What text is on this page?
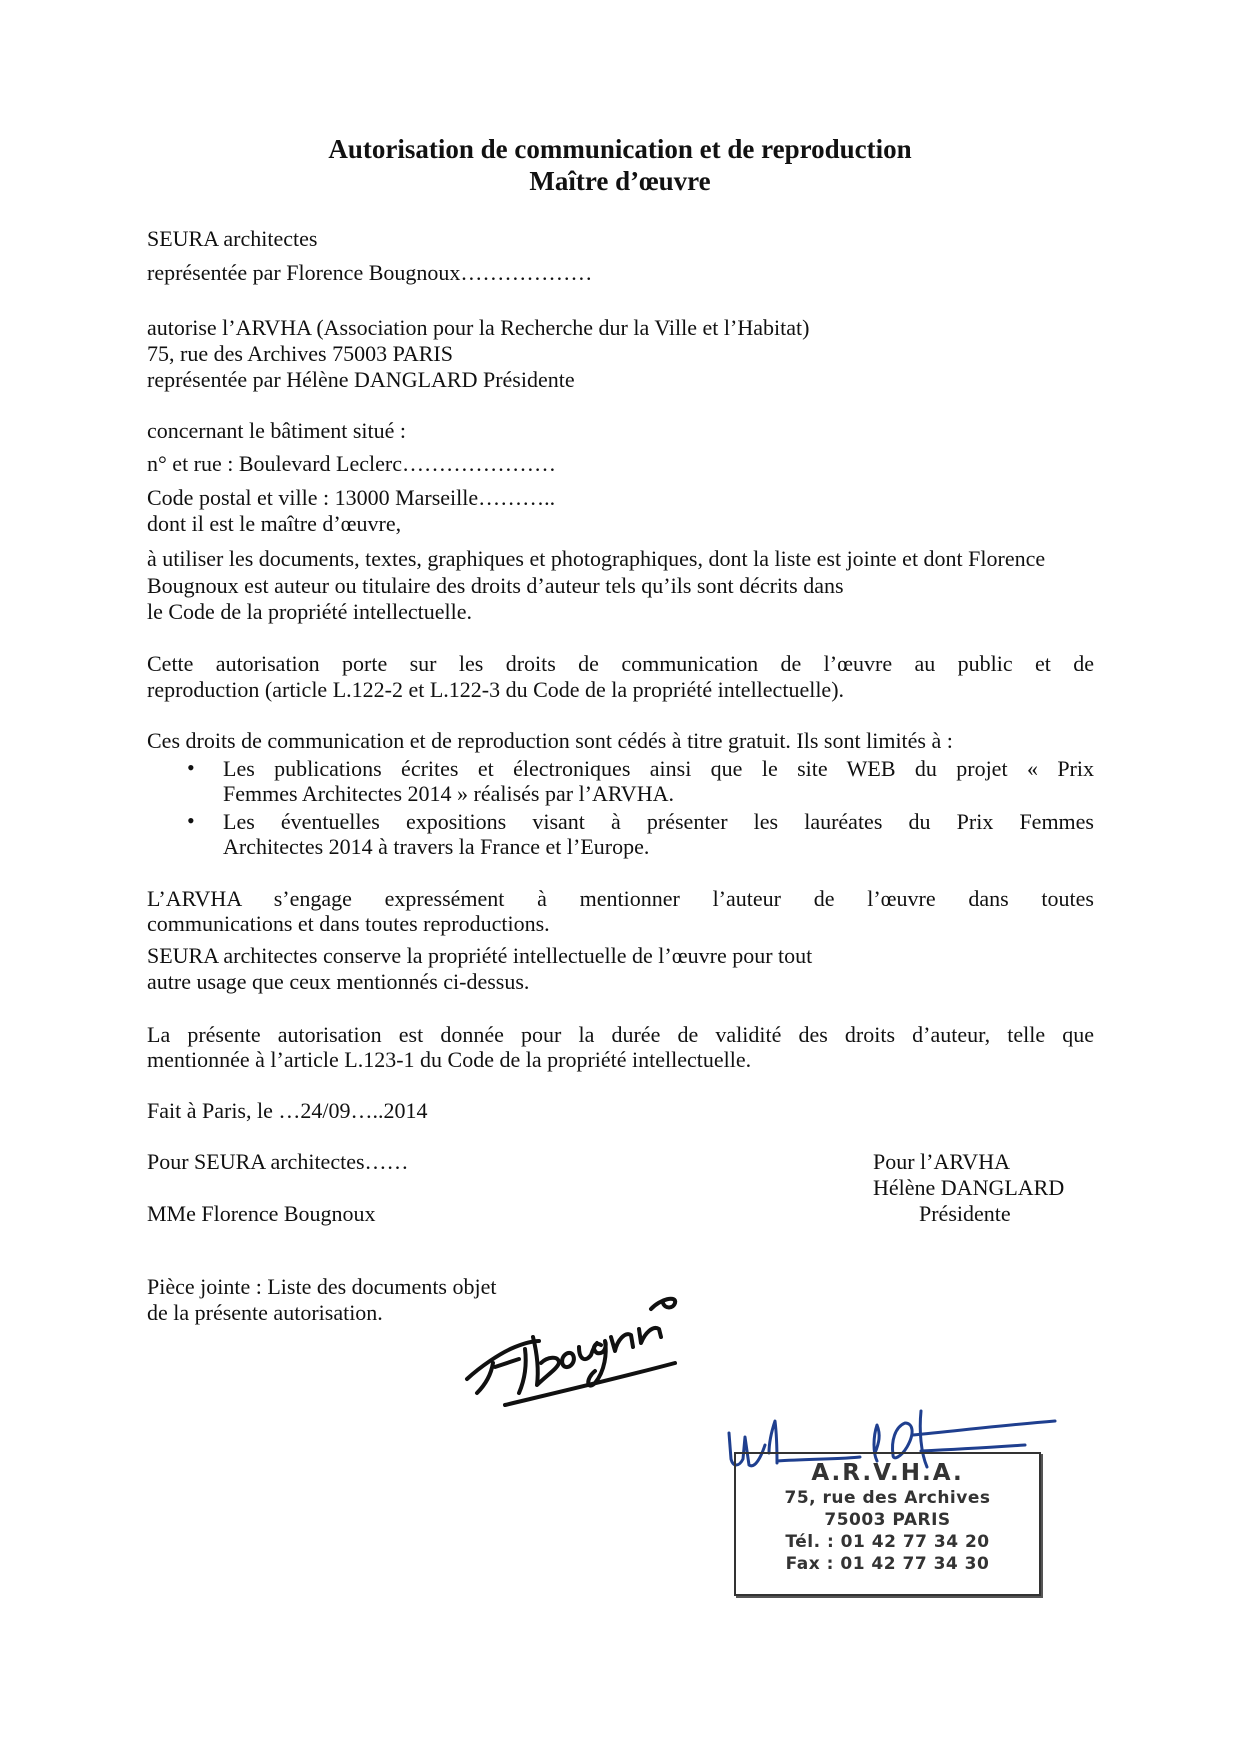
Autorisation de communication et de reproduction
Maître d’œuvre
SEURA architectes
représentée par Florence Bougnoux………………
autorise l’ARVHA (Association pour la Recherche dur la Ville et l’Habitat)
75, rue des Archives 75003 PARIS
représentée par Hélène DANGLARD Présidente
concernant le bâtiment situé :
n° et rue : Boulevard Leclerc…………………
Code postal et ville : 13000 Marseille………..
dont il est le maître d’œuvre,
à utiliser les documents, textes, graphiques et photographiques, dont la liste est jointe et dont Florence
Bougnoux est auteur ou titulaire des droits d’auteur tels qu’ils sont décrits dans
le Code de la propriété intellectuelle.
Cette autorisation porte sur les droits de communication de l’œuvre au public et de
reproduction (article L.122-2 et L.122-3 du Code de la propriété intellectuelle).
Ces droits de communication et de reproduction sont cédés à titre gratuit. Ils sont limités à :
• Les publications écrites et électroniques ainsi que le site WEB du projet « Prix
Femmes Architectes 2014 » réalisés par l’ARVHA.
• Les éventuelles expositions visant à présenter les lauréates du Prix Femmes
Architectes 2014 à travers la France et l’Europe.
L’ARVHA s’engage expressément à mentionner l’auteur de l’œuvre dans toutes
communications et dans toutes reproductions.
SEURA architectes conserve la propriété intellectuelle de l’œuvre pour tout
autre usage que ceux mentionnés ci-dessus.
La présente autorisation est donnée pour la durée de validité des droits d’auteur, telle que
mentionnée à l’article L.123-1 du Code de la propriété intellectuelle.
Fait à Paris, le …24/09…..2014
Pour SEURA architectes……
MMe Florence Bougnoux
Pour l’ARVHA
Hélène DANGLARD
Présidente
A.R.V.H.A.
75, rue des Archives
75003 PARIS
Tél. : 01 42 77 34 20
Fax : 01 42 77 34 30
Pièce jointe : Liste des documents objet
de la présente autorisation.
